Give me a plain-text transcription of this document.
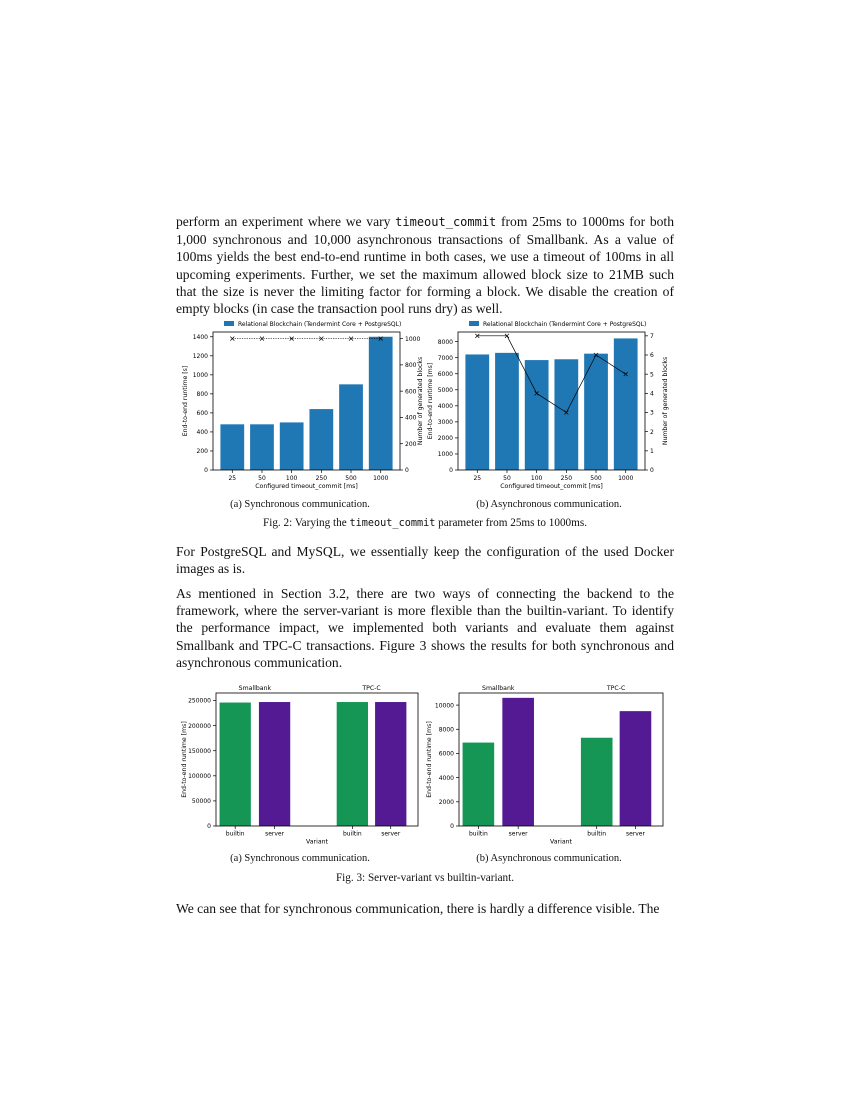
perform an experiment where we vary timeout_commit from 25ms to 1000ms for both 1,000 synchronous and 10,000 asynchronous transactions of Smallbank. As a value of 100ms yields the best end-to-end runtime in both cases, we use a timeout of 100ms in all upcoming experiments. Further, we set the maximum allowed block size to 21MB such that the size is never the limiting factor for forming a block. We disable the creation of empty blocks (in case the transaction pool runs dry) as well.

Relational Blockchain (Tendermint Core + PostgreSQL)
0
200
400
600
800
1000
1200
1400
0
200
400
600
800
1000
25	50	100	250	500	1000
Configured timeout_commit [ms]
End-to-end runtime [s]	Number of generated blocks
Relational Blockchain (Tendermint Core + PostgreSQL)
0
1000
2000
3000
4000
5000
6000
7000
8000
0
1
2
3
4
5
6
7
25	50	100	250	500	1000
Configured timeout_commit [ms]
End-to-end runtime [ms]	Number of generated blocks
(a) Synchronous communication.	(b) Asynchronous communication.
Fig. 2: Varying the timeout_commit parameter from 25ms to 1000ms.

For PostgreSQL and MySQL, we essentially keep the configuration of the used Docker images as is.

As mentioned in Section 3.2, there are two ways of connecting the backend to the framework, where the server-variant is more flexible than the builtin-variant. To identify the performance impact, we implemented both variants and evaluate them against Smallbank and TPC-C transactions. Figure 3 shows the results for both synchronous and asynchronous communication.

0
50000
100000
150000
200000
250000
builtin	server	builtin	server
Smallbank	TPC-C
Variant
End-to-end runtime [ms]
0
2000
4000
6000
8000
10000
builtin	server	builtin	server
Smallbank	TPC-C
Variant
End-to-end runtime [ms]
(a) Synchronous communication.	(b) Asynchronous communication.
Fig. 3: Server-variant vs builtin-variant.

We can see that for synchronous communication, there is hardly a difference visible. The
